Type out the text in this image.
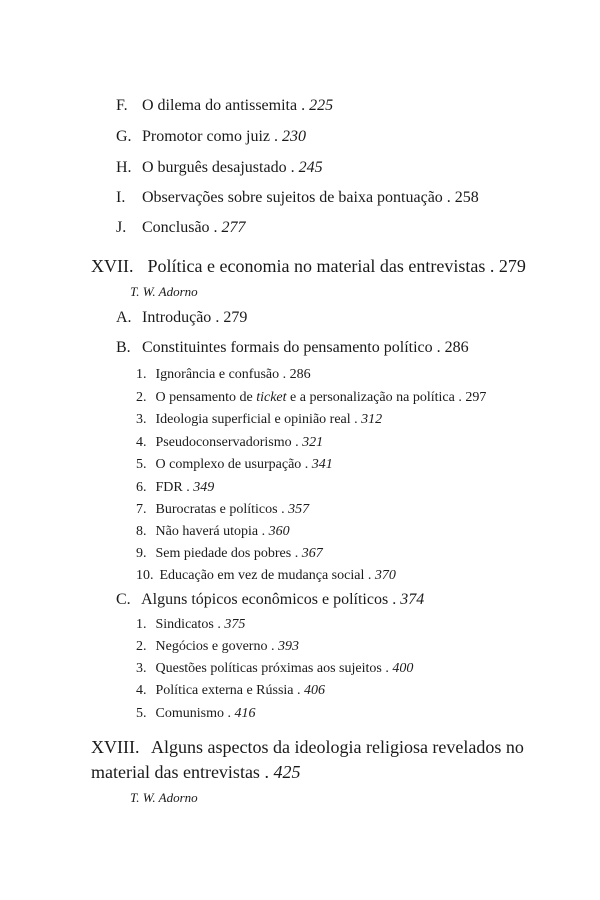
F. O dilema do antissemita . 225
G. Promotor como juiz . 230
H. O burguês desajustado . 245
I. Observações sobre sujeitos de baixa pontuação . 258
J. Conclusão . 277
XVII. Política e economia no material das entrevistas . 279
T. W. Adorno
A. Introdução . 279
B. Constituintes formais do pensamento político . 286
1. Ignorância e confusão . 286
2. O pensamento de ticket e a personalização na política . 297
3. Ideologia superficial e opinião real . 312
4. Pseudoconservadorismo . 321
5. O complexo de usurpação . 341
6. FDR . 349
7. Burocratas e políticos . 357
8. Não haverá utopia . 360
9. Sem piedade dos pobres . 367
10. Educação em vez de mudança social . 370
C. Alguns tópicos econômicos e políticos . 374
1. Sindicatos . 375
2. Negócios e governo . 393
3. Questões políticas próximas aos sujeitos . 400
4. Política externa e Rússia . 406
5. Comunismo . 416
XVIII. Alguns aspectos da ideologia religiosa revelados no
material das entrevistas . 425
T. W. Adorno
